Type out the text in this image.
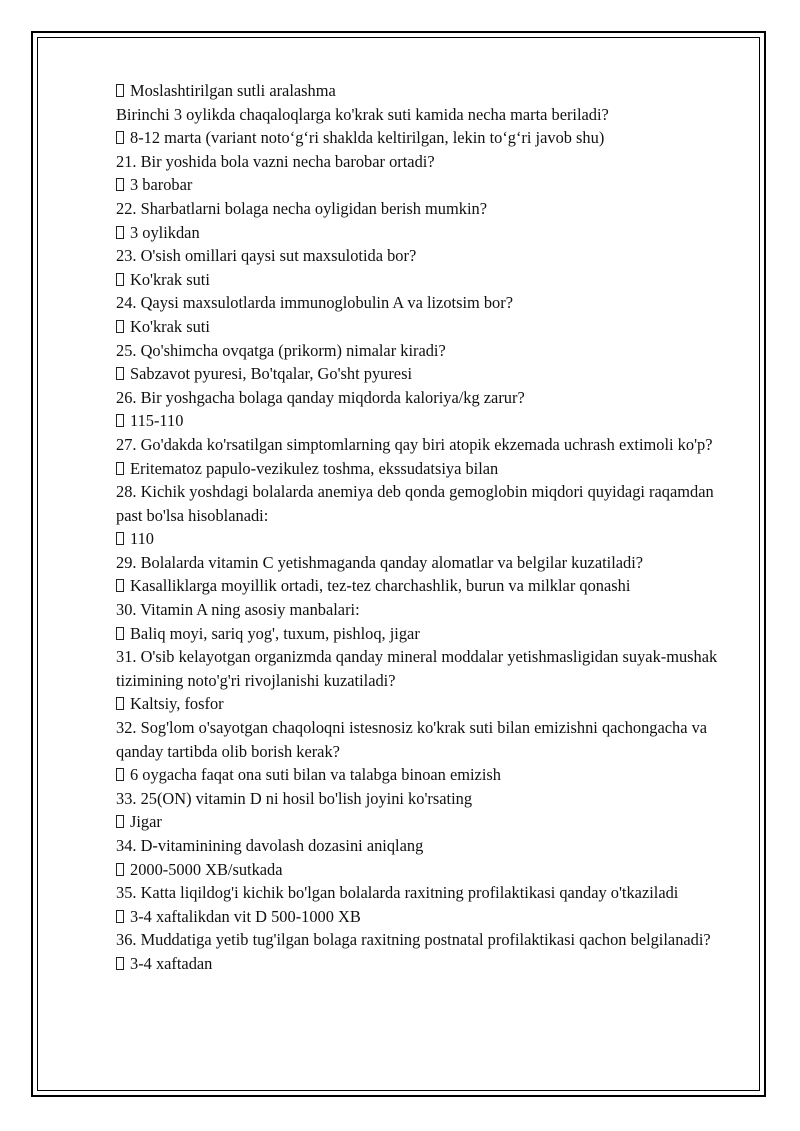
Moslashtirilgan sutli aralashma

Birinchi 3 oylikda chaqaloqlarga ko'krak suti kamida necha marta beriladi?

8-12 marta (variant noto‘g‘ri shaklda keltirilgan, lekin to‘g‘ri javob shu)

21. Bir yoshida bola vazni necha barobar ortadi?

3 barobar

22. Sharbatlarni bolaga necha oyligidan berish mumkin?

3 oylikdan

23. O'sish omillari qaysi sut maxsulotida bor?

Ko'krak suti

24. Qaysi maxsulotlarda immunoglobulin A va lizotsim bor?

Ko'krak suti

25. Qo'shimcha ovqatga (prikorm) nimalar kiradi?

Sabzavot pyuresi, Bo'tqalar, Go'sht pyuresi

26. Bir yoshgacha bolaga qanday miqdorda kaloriya/kg zarur?

115-110

27. Go'dakda ko'rsatilgan simptomlarning qay biri atopik ekzemada uchrash extimoli ko'p?

Eritematoz papulo-vezikulez toshma, ekssudatsiya bilan

28. Kichik yoshdagi bolalarda anemiya deb qonda gemoglobin miqdori quyidagi raqamdan past bo'lsa hisoblanadi:

110

29. Bolalarda vitamin C yetishmaganda qanday alomatlar va belgilar kuzatiladi?

Kasalliklarga moyillik ortadi, tez-tez charchashlik, burun va milklar qonashi

30. Vitamin A ning asosiy manbalari:

Baliq moyi, sariq yog', tuxum, pishloq, jigar

31. O'sib kelayotgan organizmda qanday mineral moddalar yetishmasligidan suyak-mushak tizimining noto'g'ri rivojlanishi kuzatiladi?

Kaltsiy, fosfor

32. Sog'lom o'sayotgan chaqoloqni istesnosiz ko'krak suti bilan emizishni qachongacha va qanday tartibda olib borish kerak?

6 oygacha faqat ona suti bilan va talabga binoan emizish

33. 25(ON) vitamin D ni hosil bo'lish joyini ko'rsating

Jigar

34. D-vitaminining davolash dozasini aniqlang

2000-5000 XB/sutkada

35. Katta liqildog'i kichik bo'lgan bolalarda raxitning profilaktikasi qanday o'tkaziladi

3-4 xaftalikdan vit D 500-1000 XB

36. Muddatiga yetib tug'ilgan bolaga raxitning postnatal profilaktikasi qachon belgilanadi?

3-4 xaftadan
